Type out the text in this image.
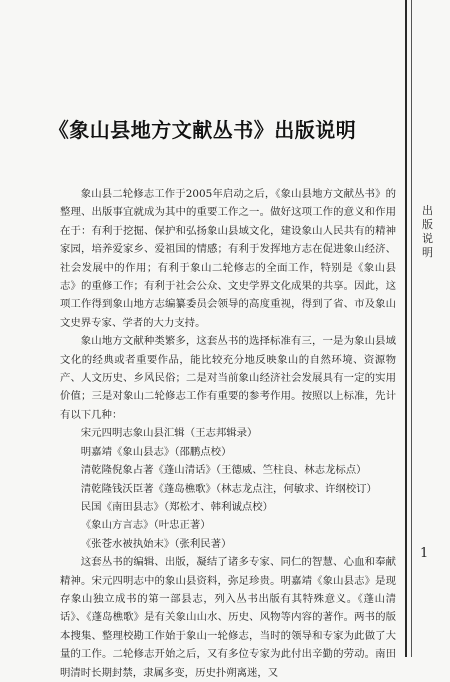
出版说明
1
《象山县地方文献丛书》出版说明

象山县二轮修志工作于2005年启动之后，《象山县地方文献丛书》的整理、出版事宜就成为其中的重要工作之一。做好这项工作的意义和作用在于：有利于挖掘、保护和弘扬象山县域文化，建设象山人民共有的精神家园，培养爱家乡、爱祖国的情感；有利于发挥地方志在促进象山经济、社会发展中的作用；有利于象山二轮修志的全面工作，特别是《象山县志》的重修工作；有利于社会公众、文史学界文化成果的共享。因此，这项工作得到象山地方志编纂委员会领导的高度重视，得到了省、市及象山文史界专家、学者的大力支持。

象山地方文献种类繁多，这套丛书的选择标准有三，一是为象山县域文化的经典或者重要作品，能比较充分地反映象山的自然环境、资源物产、人文历史、乡风民俗；二是对当前象山经济社会发展具有一定的实用价值；三是对象山二轮修志工作有重要的参考作用。按照以上标准，先计有以下几种：

宋元四明志象山县汇辑（王志邦辑录）

明嘉靖《象山县志》（邵鹏点校）

清乾隆倪象占著《蓬山清话》（王德威、竺柱良、林志龙标点）

清乾隆钱沃臣著《蓬岛樵歌》（林志龙点注，何敏求、许纲校订）

民国《南田县志》（郑松才、韩利诚点校）

《象山方言志》（叶忠正著）

《张苍水被执始末》（张利民著）

这套丛书的编辑、出版，凝结了诸多专家、同仁的智慧、心血和奉献精神。宋元四明志中的象山县资料，弥足珍贵。明嘉靖《象山县志》是现存象山独立成书的第一部县志，列入丛书出版有其特殊意义。《蓬山清话》、《蓬岛樵歌》是有关象山山水、历史、风物等内容的著作。两书的版本搜集、整理校勘工作始于象山一轮修志，当时的领导和专家为此做了大量的工作。二轮修志开始之后，又有多位专家为此付出辛勤的劳动。南田明清时长期封禁，隶属多变，历史扑朔离迷，又
